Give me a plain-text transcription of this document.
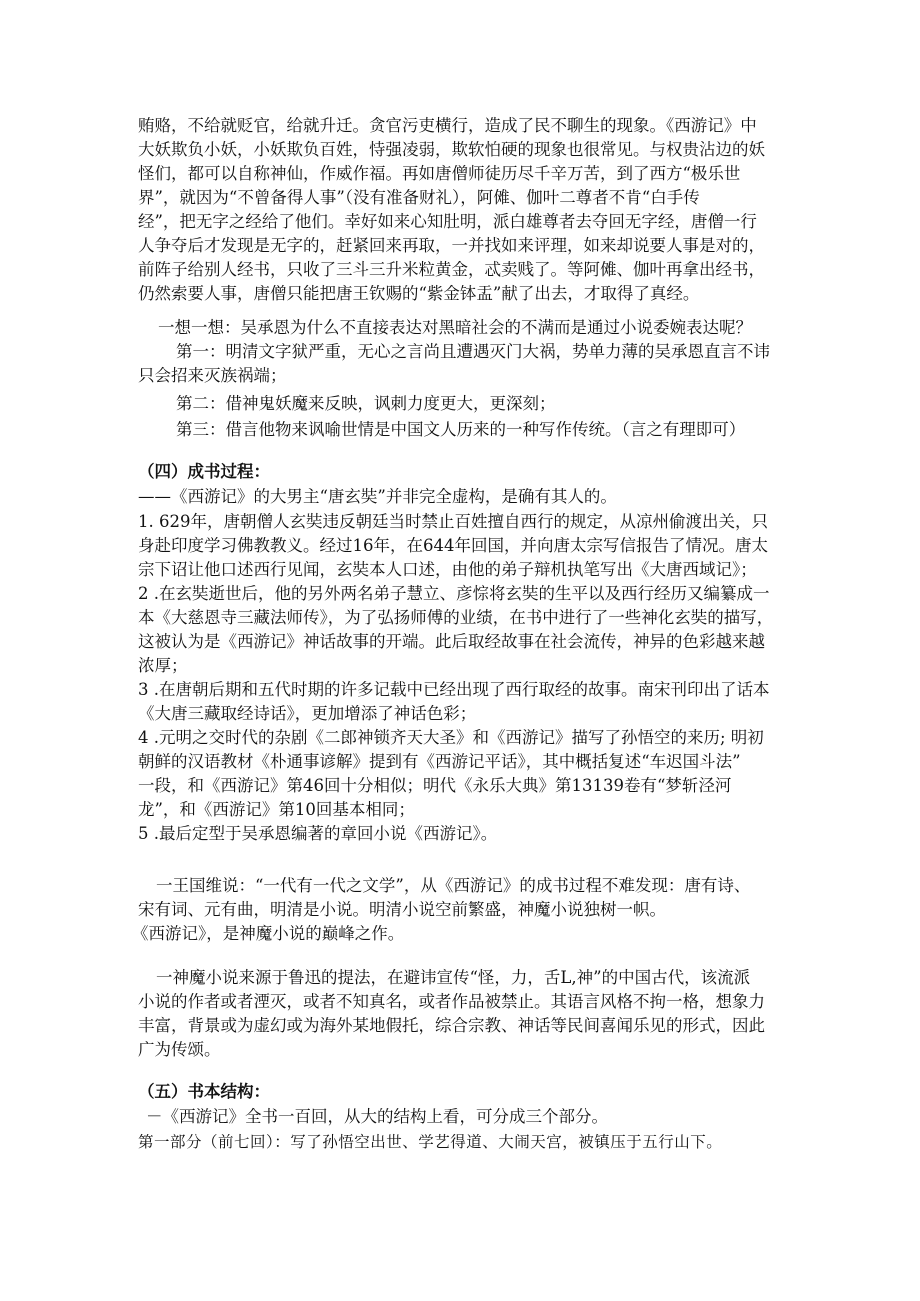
贿赂，不给就贬官，给就升迁。贪官污吏横行，造成了民不聊生的现象。《西游记》中
大妖欺负小妖，小妖欺负百姓，恃强凌弱，欺软怕硬的现象也很常见。与权贵沾边的妖
怪们，都可以自称神仙，作威作福。再如唐僧师徒历尽千辛万苦，到了西方“极乐世
界”，就因为“不曾备得人事”（没有准备财礼），阿傩、伽叶二尊者不肯“白手传
经”，把无字之经给了他们。幸好如来心知肚明，派白雄尊者去夺回无字经，唐僧一行
人争夺后才发现是无字的，赶紧回来再取，一并找如来评理，如来却说要人事是对的，
前阵子给别人经书，只收了三斗三升米粒黄金，忒卖贱了。等阿傩、伽叶再拿出经书，
仍然索要人事，唐僧只能把唐王钦赐的“紫金钵盂”献了出去，才取得了真经。
一想一想：吴承恩为什么不直接表达对黑暗社会的不满而是通过小说委婉表达呢？
第一：明清文字狱严重，无心之言尚且遭遇灭门大祸，势单力薄的吴承恩直言不讳
只会招来灭族祸端；
第二：借神鬼妖魔来反映，讽刺力度更大，更深刻；
第三：借言他物来讽喻世情是中国文人历来的一种写作传统。（言之有理即可）
（四）成书过程：
——《西游记》的大男主“唐玄奘”并非完全虚构，是确有其人的。
1. 629年，唐朝僧人玄奘违反朝廷当时禁止百姓擅自西行的规定，从凉州偷渡出关，只
身赴印度学习佛教教义。经过16年，在644年回国，并向唐太宗写信报告了情况。唐太
宗下诏让他口述西行见闻，玄奘本人口述，由他的弟子辩机执笔写出《大唐西域记》；
2 .在玄奘逝世后，他的另外两名弟子慧立、彦悰将玄奘的生平以及西行经历又编纂成一
本《大慈恩寺三藏法师传》，为了弘扬师傅的业绩，在书中进行了一些神化玄奘的描写，
这被认为是《西游记》神话故事的开端。此后取经故事在社会流传，神异的色彩越来越
浓厚；
3 .在唐朝后期和五代时期的许多记载中已经出现了西行取经的故事。南宋刊印出了话本
《大唐三藏取经诗话》，更加增添了神话色彩；
4 .元明之交时代的杂剧《二郎神锁齐天大圣》和《西游记》描写了孙悟空的来历; 明初
朝鲜的汉语教材《朴通事谚解》提到有《西游记平话》，其中概括复述“车迟国斗法”
一段，和《西游记》第46回十分相似；明代《永乐大典》第13139卷有“梦斩泾河
龙”，和《西游记》第10回基本相同；
5 .最后定型于吴承恩编著的章回小说《西游记》。
一王国维说：“一代有一代之文学”，从《西游记》的成书过程不难发现：唐有诗、
宋有词、元有曲，明清是小说。明清小说空前繁盛，神魔小说独树一帜。
《西游记》，是神魔小说的巅峰之作。
一神魔小说来源于鲁迅的提法，在避讳宣传“怪，力，舌L,神”的中国古代，该流派
小说的作者或者湮灭，或者不知真名，或者作品被禁止。其语言风格不拘一格，想象力
丰富，背景或为虚幻或为海外某地假托，综合宗教、神话等民间喜闻乐见的形式，因此
广为传颂。
（五）书本结构：
－《西游记》全书一百回，从大的结构上看，可分成三个部分。
第一部分（前七回）：写了孙悟空出世、学艺得道、大闹天宫，被镇压于五行山下。
